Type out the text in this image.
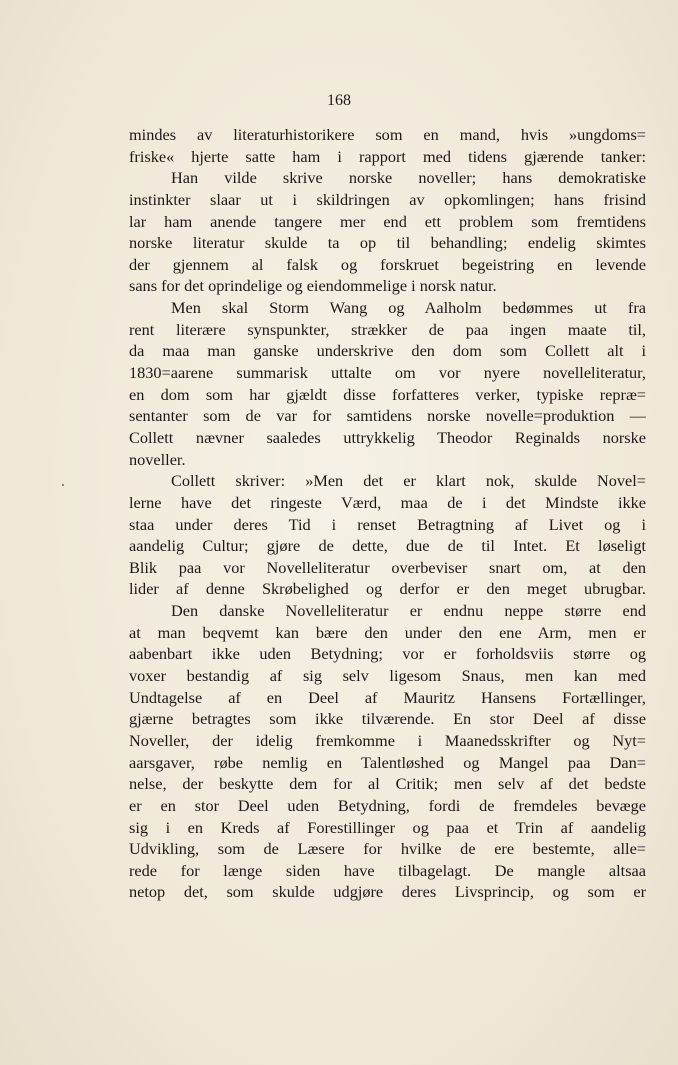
168
mindes av literaturhistorikere som en mand, hvis »ungdoms=
friske« hjerte satte ham i rapport med tidens gjærende tanker:
Han vilde skrive norske noveller; hans demokratiske
instinkter slaar ut i skildringen av opkomlingen; hans frisind
lar ham anende tangere mer end ett problem som fremtidens
norske literatur skulde ta op til behandling; endelig skimtes
der gjennem al falsk og forskruet begeistring en levende
sans for det oprindelige og eiendommelige i norsk natur.
Men skal Storm Wang og Aalholm bedømmes ut fra
rent literære synspunkter, strækker de paa ingen maate til,
da maa man ganske underskrive den dom som Collett alt i
1830=aarene summarisk uttalte om vor nyere novelleliteratur,
en dom som har gjældt disse forfatteres verker, typiske repræ=
sentanter som de var for samtidens norske novelle=produktion —
Collett nævner saaledes uttrykkelig Theodor Reginalds norske
noveller.
Collett skriver: »Men det er klart nok, skulde Novel=
lerne have det ringeste Værd, maa de i det Mindste ikke
staa under deres Tid i renset Betragtning af Livet og i
aandelig Cultur; gjøre de dette, due de til Intet. Et løseligt
Blik paa vor Novelleliteratur overbeviser snart om, at den
lider af denne Skrøbelighed og derfor er den meget ubrugbar.
Den danske Novelleliteratur er endnu neppe større end
at man beqvemt kan bære den under den ene Arm, men er
aabenbart ikke uden Betydning; vor er forholdsviis større og
voxer bestandig af sig selv ligesom Snaus, men kan med
Undtagelse af en Deel af Mauritz Hansens Fortællinger,
gjærne betragtes som ikke tilværende. En stor Deel af disse
Noveller, der idelig fremkomme i Maanedsskrifter og Nyt=
aarsgaver, røbe nemlig en Talentløshed og Mangel paa Dan=
nelse, der beskytte dem for al Critik; men selv af det bedste
er en stor Deel uden Betydning, fordi de fremdeles bevæge
sig i en Kreds af Forestillinger og paa et Trin af aandelig
Udvikling, som de Læsere for hvilke de ere bestemte, alle=
rede for længe siden have tilbagelagt. De mangle altsaa
netop det, som skulde udgjøre deres Livsprincip, og som er
